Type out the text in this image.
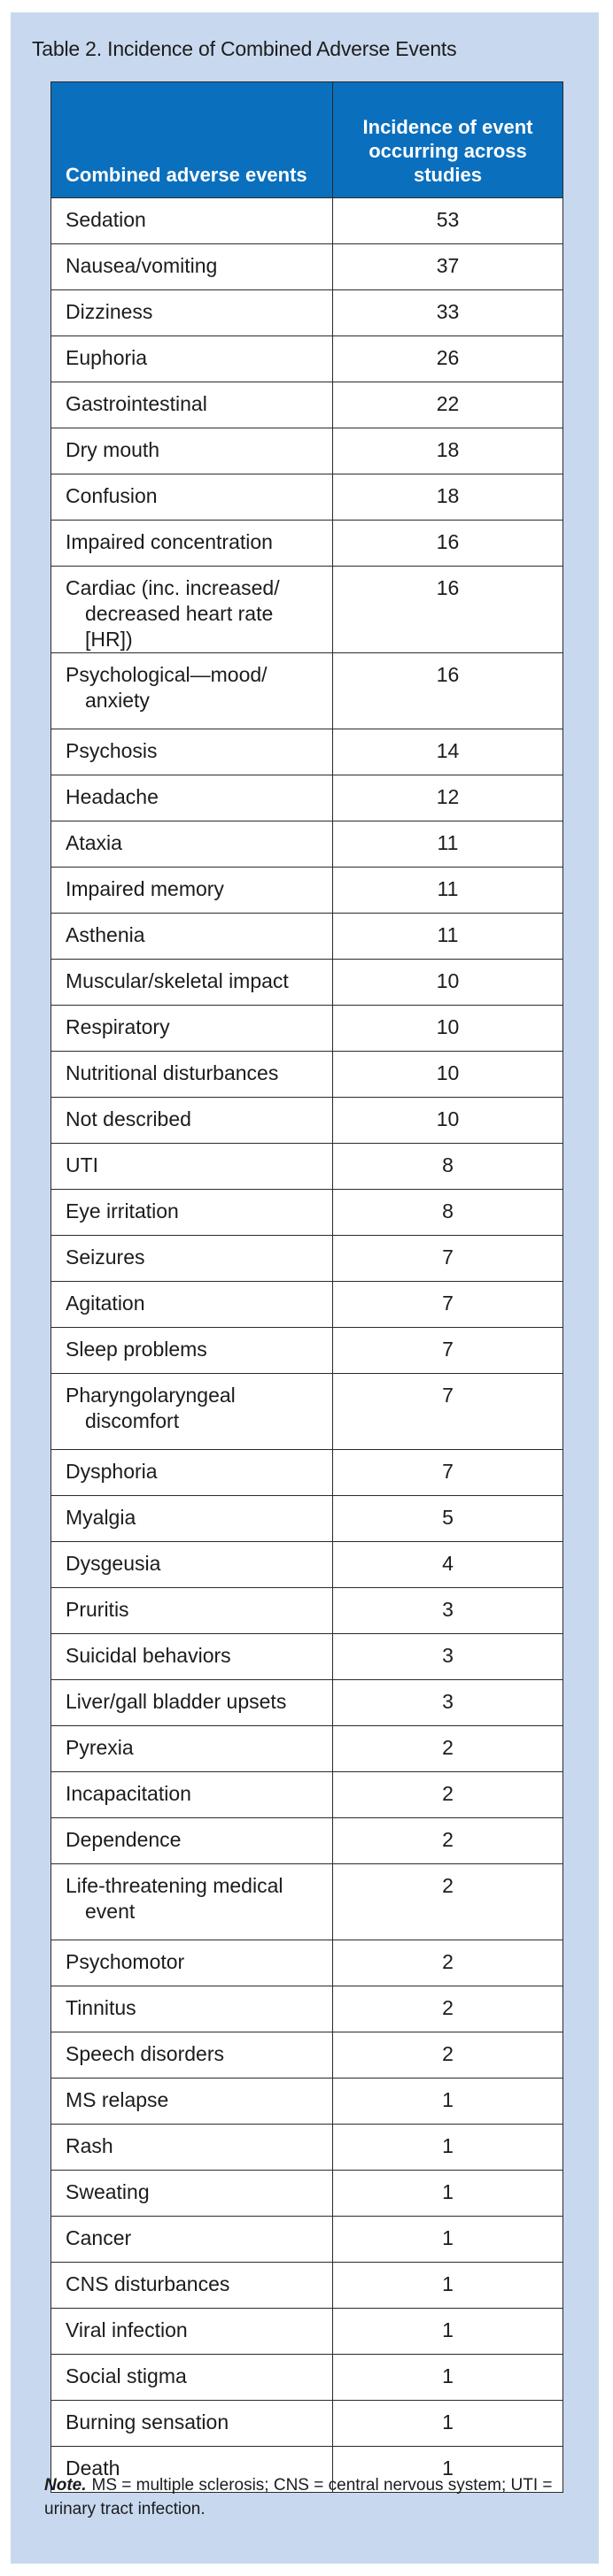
Table 2. Incidence of Combined Adverse Events
Combined adverse events	Incidence of event occurring across studies

Sedation	53

Nausea/vomiting	37

Dizziness	33

Euphoria	26

Gastrointestinal	22

Dry mouth	18

Confusion	18

Impaired concentration	16

Cardiac (inc. increased/ decreased heart rate [HR])	16

Psychological—mood/ anxiety	16

Psychosis	14

Headache	12

Ataxia	11

Impaired memory	11

Asthenia	11

Muscular/skeletal impact	10

Respiratory	10

Nutritional disturbances	10

Not described	10

UTI	8

Eye irritation	8

Seizures	7

Agitation	7

Sleep problems	7

Pharyngolaryngeal discomfort	7

Dysphoria	7

Myalgia	5

Dysgeusia	4

Pruritis	3

Suicidal behaviors	3

Liver/gall bladder upsets	3

Pyrexia	2

Incapacitation	2

Dependence	2

Life-threatening medical event	2

Psychomotor	2

Tinnitus	2

Speech disorders	2

MS relapse	1

Rash	1

Sweating	1

Cancer	1

CNS disturbances	1

Viral infection	1

Social stigma	1

Burning sensation	1

Death	1
Note. MS = multiple sclerosis; CNS = central nervous system; UTI = urinary tract infection.
